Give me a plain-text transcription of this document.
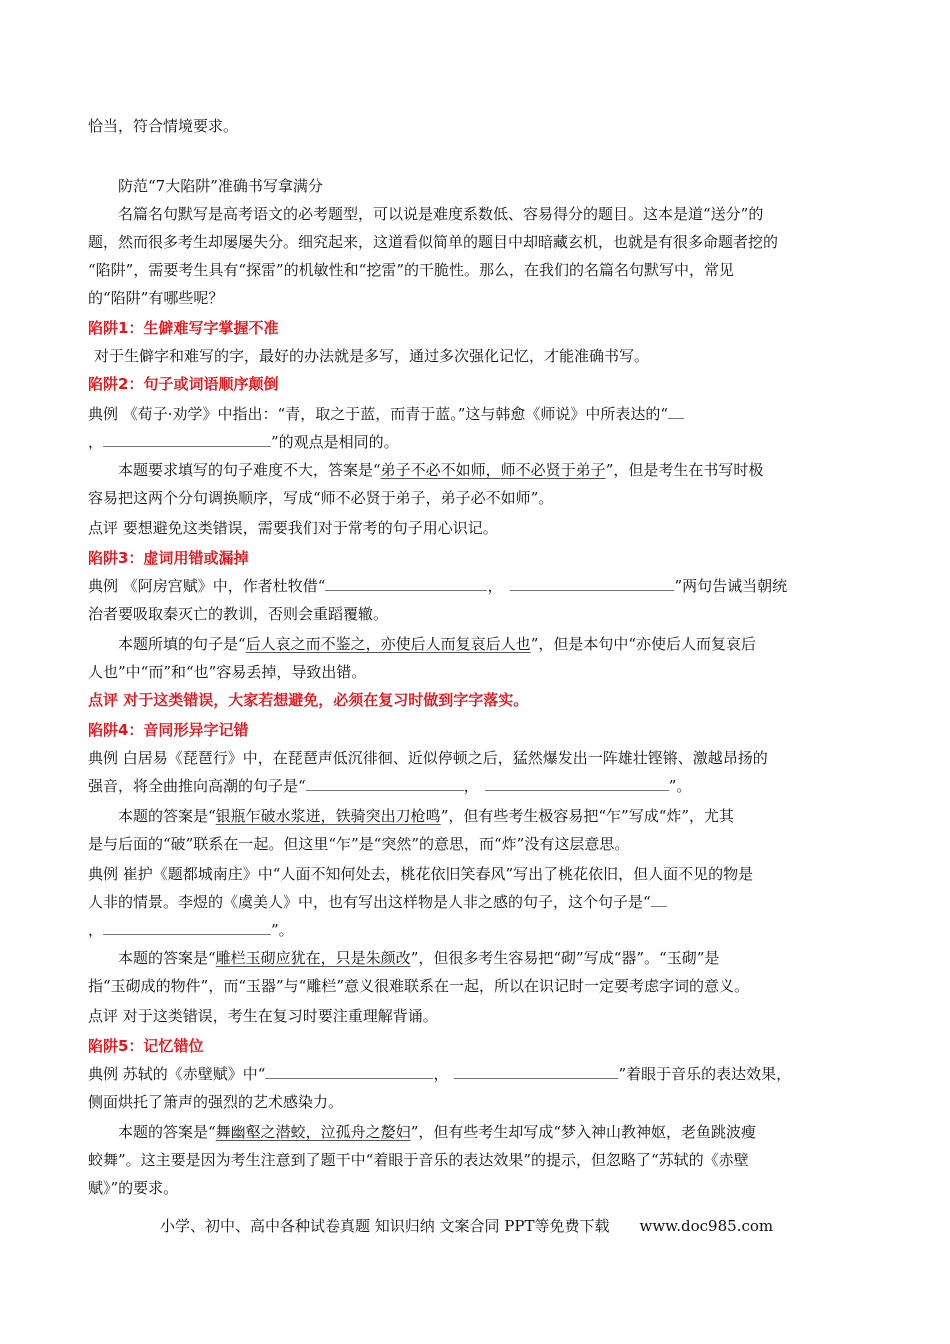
恰当，符合情境要求。
防范“7大陷阱”准确书写拿满分
名篇名句默写是高考语文的必考题型，可以说是难度系数低、容易得分的题目。这本是道“送分”的
题，然而很多考生却屡屡失分。细究起来，这道看似简单的题目中却暗藏玄机，也就是有很多命题者挖的
“陷阱”，需要考生具有“探雷”的机敏性和“挖雷”的干脆性。那么，在我们的名篇名句默写中，常见
的“陷阱”有哪些呢？
陷阱1：生僻难写字掌握不准
对于生僻字和难写的字，最好的办法就是多写，通过多次强化记忆，才能准确书写。
陷阱2：句子或词语顺序颠倒
典例 《荀子·劝学》中指出：“青，取之于蓝，而青于蓝。”这与韩愈《师说》中所表达的“
，	”的观点是相同的。
本题要求填写的句子难度不大，答案是“弟子不必不如师，师不必贤于弟子”，但是考生在书写时极
容易把这两个分句调换顺序，写成“师不必贤于弟子，弟子必不如师”。
点评 要想避免这类错误，需要我们对于常考的句子用心识记。
陷阱3：虚词用错或漏掉
典例 《阿房宫赋》中，作者杜牧借“	，	”两句告诫当朝统
治者要吸取秦灭亡的教训，否则会重蹈覆辙。
本题所填的句子是“后人哀之而不鉴之，亦使后人而复哀后人也”，但是本句中“亦使后人而复哀后
人也”中“而”和“也”容易丢掉，导致出错。
点评 对于这类错误，大家若想避免，必须在复习时做到字字落实。
陷阱4：音同形异字记错
典例 白居易《琵琶行》中，在琵琶声低沉徘徊、近似停顿之后，猛然爆发出一阵雄壮铿锵、激越昂扬的
强音，将全曲推向高潮的句子是“	，	”。
本题的答案是“银瓶乍破水浆迸，铁骑突出刀枪鸣”，但有些考生极容易把“乍”写成“炸”，尤其
是与后面的“破”联系在一起。但这里“乍”是“突然”的意思，而“炸”没有这层意思。
典例 崔护《题都城南庄》中“人面不知何处去，桃花依旧笑春风”写出了桃花依旧，但人面不见的物是
人非的情景。李煜的《虞美人》中，也有写出这样物是人非之感的句子，这个句子是“
，	”。
本题的答案是“雕栏玉砌应犹在，只是朱颜改”，但很多考生容易把“砌”写成“器”。“玉砌”是
指“玉砌成的物件”，而“玉器”与“雕栏”意义很难联系在一起，所以在识记时一定要考虑字词的意义。
点评 对于这类错误，考生在复习时要注重理解背诵。
陷阱5：记忆错位
典例 苏轼的《赤壁赋》中“	，	”着眼于音乐的表达效果，
侧面烘托了箫声的强烈的艺术感染力。
本题的答案是“舞幽壑之潜蛟，泣孤舟之嫠妇”，但有些考生却写成“梦入神山教神妪，老鱼跳波瘦
蛟舞”。这主要是因为考生注意到了题干中“着眼于音乐的表达效果”的提示，但忽略了“苏轼的《赤壁
赋》”的要求。
小学、初中、高中各种试卷真题 知识归纳 文案合同 PPT等免费下载 www.doc985.com
